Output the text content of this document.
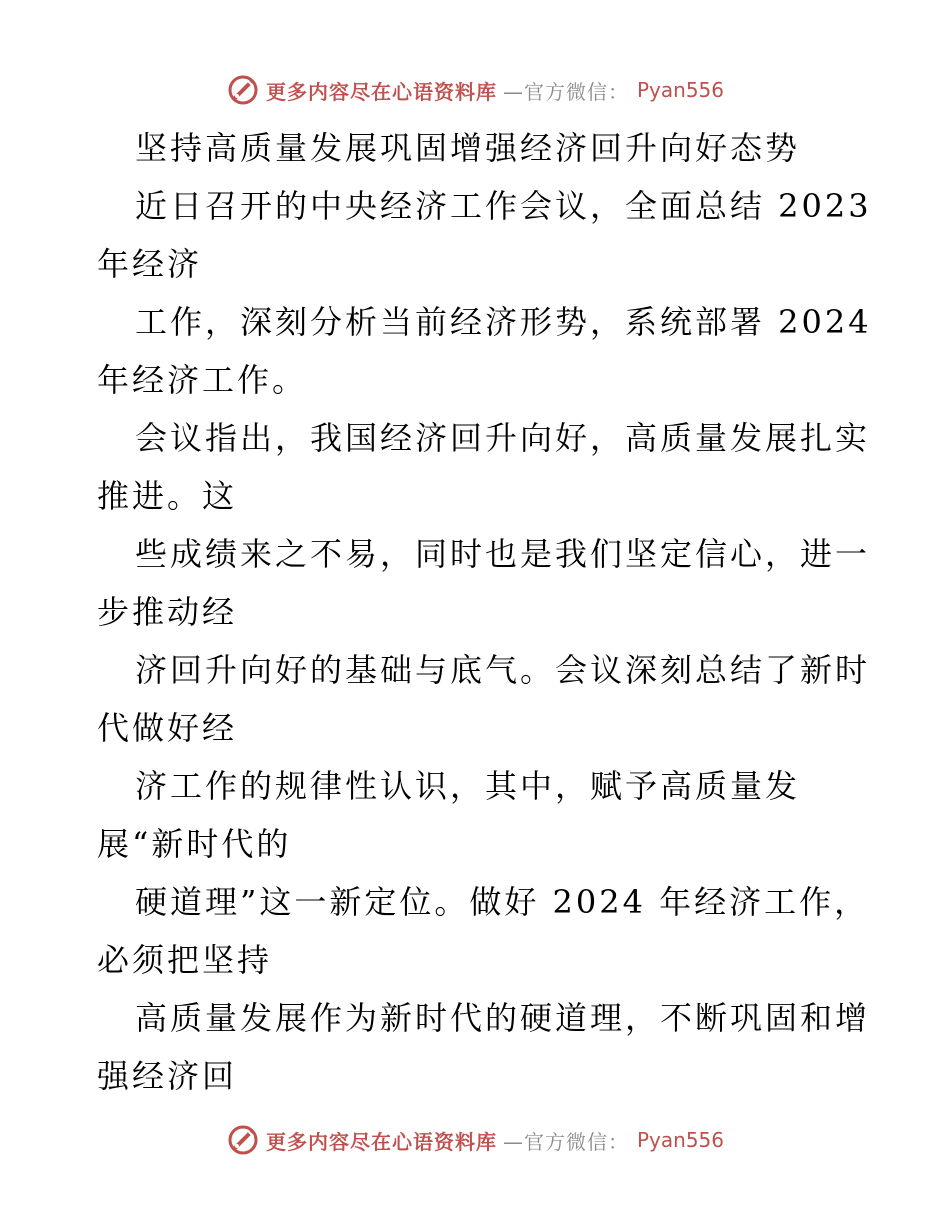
更多内容尽在心语资料库 —官方微信： Pyan556
坚持高质量发展巩固增强经济回升向好态势
近日召开的中央经济工作会议，全面总结 2023
年经济
工作，深刻分析当前经济形势，系统部署 2024
年经济工作。
会议指出，我国经济回升向好，高质量发展扎实
推进。这
些成绩来之不易，同时也是我们坚定信心，进一
步推动经
济回升向好的基础与底气。会议深刻总结了新时
代做好经
济工作的规律性认识，其中，赋予高质量发
展“新时代的
硬道理”这一新定位。做好 2024 年经济工作，
必须把坚持
高质量发展作为新时代的硬道理，不断巩固和增
强经济回
更多内容尽在心语资料库 —官方微信： Pyan556
